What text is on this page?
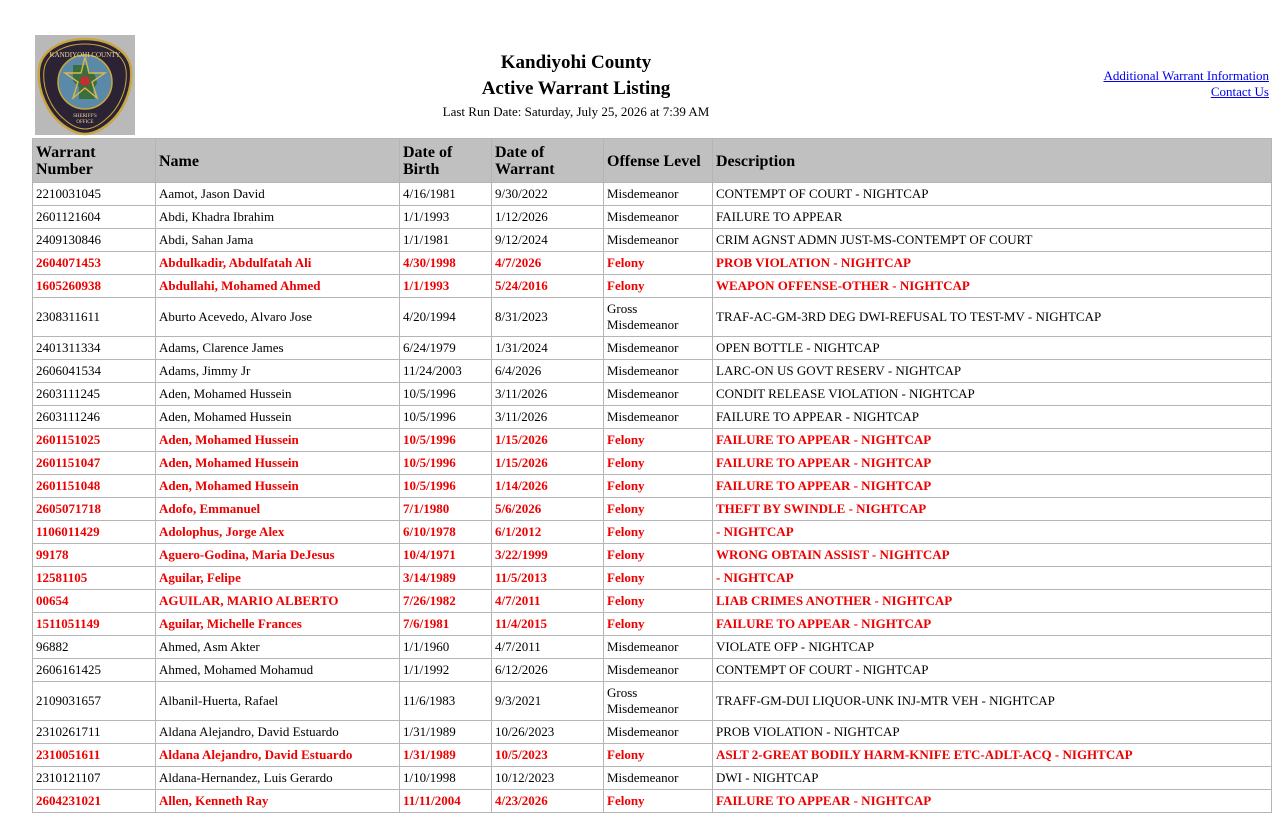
KANDIYOHI COUNTY
SHERIFF'S
OFFICE
Kandiyohi County
Active Warrant Listing
Last Run Date: Saturday, July 25, 2026 at 7:39 AM
Additional Warrant Information
Contact Us
Warrant Number	Name	Date of Birth	Date of Warrant	Offense Level	Description
2210031045	Aamot, Jason David	4/16/1981	9/30/2022	Misdemeanor	CONTEMPT OF COURT - NIGHTCAP
2601121604	Abdi, Khadra Ibrahim	1/1/1993	1/12/2026	Misdemeanor	FAILURE TO APPEAR
2409130846	Abdi, Sahan Jama	1/1/1981	9/12/2024	Misdemeanor	CRIM AGNST ADMN JUST-MS-CONTEMPT OF COURT
2604071453	Abdulkadir, Abdulfatah Ali	4/30/1998	4/7/2026	Felony	PROB VIOLATION - NIGHTCAP
1605260938	Abdullahi, Mohamed Ahmed	1/1/1993	5/24/2016	Felony	WEAPON OFFENSE-OTHER - NIGHTCAP
2308311611	Aburto Acevedo, Alvaro Jose	4/20/1994	8/31/2023	Gross Misdemeanor	TRAF-AC-GM-3RD DEG DWI-REFUSAL TO TEST-MV - NIGHTCAP
2401311334	Adams, Clarence James	6/24/1979	1/31/2024	Misdemeanor	OPEN BOTTLE - NIGHTCAP
2606041534	Adams, Jimmy Jr	11/24/2003	6/4/2026	Misdemeanor	LARC-ON US GOVT RESERV - NIGHTCAP
2603111245	Aden, Mohamed Hussein	10/5/1996	3/11/2026	Misdemeanor	CONDIT RELEASE VIOLATION - NIGHTCAP
2603111246	Aden, Mohamed Hussein	10/5/1996	3/11/2026	Misdemeanor	FAILURE TO APPEAR - NIGHTCAP
2601151025	Aden, Mohamed Hussein	10/5/1996	1/15/2026	Felony	FAILURE TO APPEAR - NIGHTCAP
2601151047	Aden, Mohamed Hussein	10/5/1996	1/15/2026	Felony	FAILURE TO APPEAR - NIGHTCAP
2601151048	Aden, Mohamed Hussein	10/5/1996	1/14/2026	Felony	FAILURE TO APPEAR - NIGHTCAP
2605071718	Adofo, Emmanuel	7/1/1980	5/6/2026	Felony	THEFT BY SWINDLE - NIGHTCAP
1106011429	Adolophus, Jorge Alex	6/10/1978	6/1/2012	Felony	- NIGHTCAP
99178	Aguero-Godina, Maria DeJesus	10/4/1971	3/22/1999	Felony	WRONG OBTAIN ASSIST - NIGHTCAP
12581105	Aguilar, Felipe	3/14/1989	11/5/2013	Felony	- NIGHTCAP
00654	AGUILAR, MARIO ALBERTO	7/26/1982	4/7/2011	Felony	LIAB CRIMES ANOTHER - NIGHTCAP
1511051149	Aguilar, Michelle Frances	7/6/1981	11/4/2015	Felony	FAILURE TO APPEAR - NIGHTCAP
96882	Ahmed, Asm Akter	1/1/1960	4/7/2011	Misdemeanor	VIOLATE OFP - NIGHTCAP
2606161425	Ahmed, Mohamed Mohamud	1/1/1992	6/12/2026	Misdemeanor	CONTEMPT OF COURT - NIGHTCAP
2109031657	Albanil-Huerta, Rafael	11/6/1983	9/3/2021	Gross Misdemeanor	TRAFF-GM-DUI LIQUOR-UNK INJ-MTR VEH - NIGHTCAP
2310261711	Aldana Alejandro, David Estuardo	1/31/1989	10/26/2023	Misdemeanor	PROB VIOLATION - NIGHTCAP
2310051611	Aldana Alejandro, David Estuardo	1/31/1989	10/5/2023	Felony	ASLT 2-GREAT BODILY HARM-KNIFE ETC-ADLT-ACQ - NIGHTCAP
2310121107	Aldana-Hernandez, Luis Gerardo	1/10/1998	10/12/2023	Misdemeanor	DWI - NIGHTCAP
2604231021	Allen, Kenneth Ray	11/11/2004	4/23/2026	Felony	FAILURE TO APPEAR - NIGHTCAP
